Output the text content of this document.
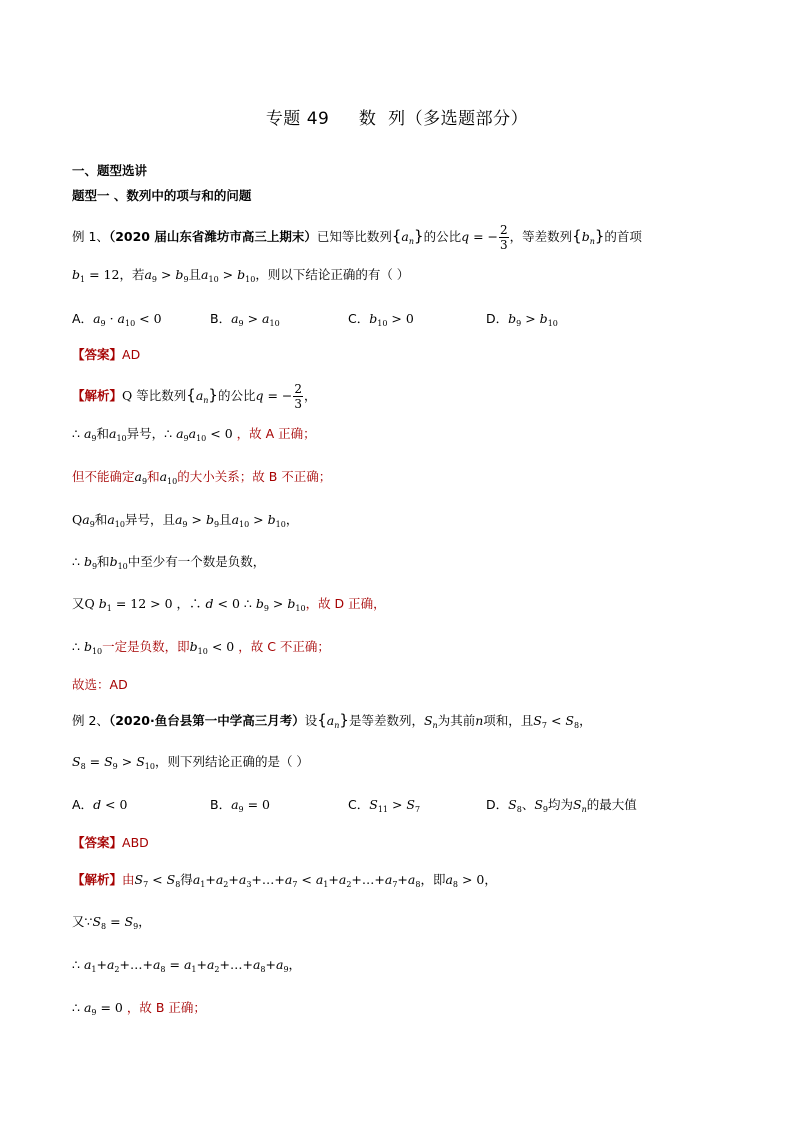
专题 49     数  列（多选题部分）
一、题型选讲
题型一 、数列中的项与和的问题
例 1、（2020 届山东省潍坊市高三上期末）已知等比数列$\{a_n\}$的公比q = − $\frac{2}{3}$ ，等差数列$\{b_n\}$的首项
$b_1 = 12$，若$a_9 > b_9$且$a_{10} > b_{10}$，则以下结论正确的有（ ）
A．$a_9 \cdot a_{10} < 0$	B．$a_9 > a_{10}$	C．$b_{10} > 0$	D．$b_9 > b_{10}$
【答案】AD
【解析】Q 等比数列$\{a_n\}$的公比q = − $\frac{2}{3}$ ，
∴ $a_9$和$a_{10}$异号，∴ $a_9a_{10} < 0$ ，故 A 正确；
但不能确定$a_9$和$a_{10}$的大小关系；故 B 不正确；
$Qa_9$和$a_{10}$异号，且$a_9 > b_9$且$a_{10} > b_{10}$，
∴ $b_9$和$b_{10}$中至少有一个数是负数，
又Q $b_1 = 12 > 0$ ，∴ d < 0 ∴ $b_9 > b_{10}$，故 D 正确，
∴ $b_{10}$一定是负数，即$b_{10} < 0$ ，故 C 不正确；
故选：AD
例 2、（2020·鱼台县第一中学高三月考）设$\{a_n\}$是等差数列，$S_n$为其前n项和，且$S_7 < S_8$，
$S_8 = S_9 > S_{10}$，则下列结论正确的是（ ）
A．d < 0	B．$a_9 = 0$	C．$S_{11} > S_7$	D．$S_8$、$S_9$均为$S_n$的最大值
【答案】ABD
【解析】由$S_7 < S_8$得$a_1+a_2+a_3+\dots+a_7$ < $a_1+a_2+\dots+a_7+a_8$，即$a_8 > 0$，
又$\because S_8 = S_9$，
∴ $a_1+a_2+\dots+a_8$ = $a_1+a_2+\dots+a_8+a_9$，
∴ $a_9 = 0$ ，故 B 正确；
